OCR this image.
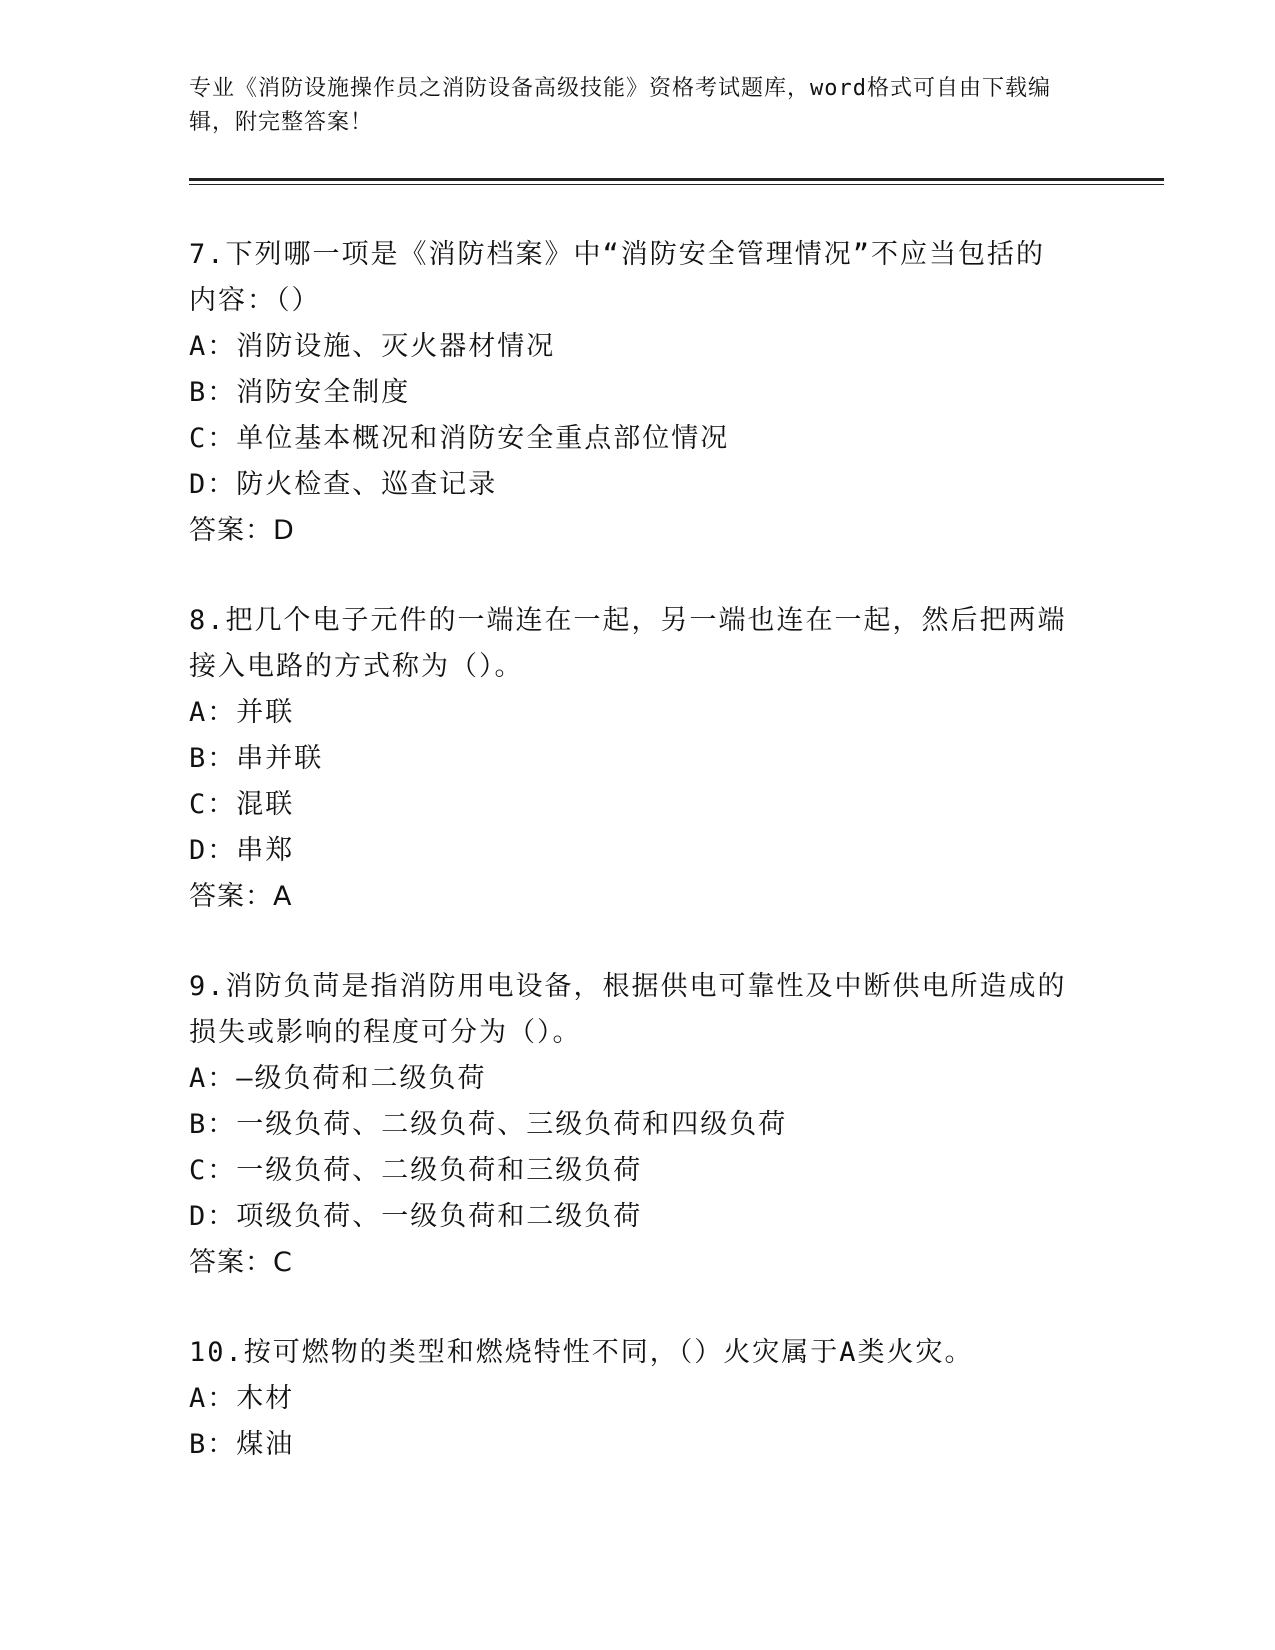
专业《消防设施操作员之消防设备高级技能》资格考试题库，word格式可自由下载编辑，附完整答案！
7.下列哪一项是《消防档案》中“消防安全管理情况”不应当包括的内容：（）
A：消防设施、灭火器材情况
B：消防安全制度
C：单位基本概况和消防安全重点部位情况
D：防火检查、巡查记录
答案：D
8.把几个电子元件的一端连在一起，另一端也连在一起，然后把两端接入电路的方式称为（）。
A：并联
B：串并联
C：混联
D：串郑
答案：A
9.消防负苘是指消防用电设备，根据供电可靠性及中断供电所造成的损失或影响的程度可分为（）。
A：—级负荷和二级负荷
B：一级负荷、二级负荷、三级负荷和四级负荷
C：一级负荷、二级负荷和三级负荷
D：项级负荷、一级负荷和二级负荷
答案：C
10.按可燃物的类型和燃烧特性不同，（）火灾属于A类火灾。
A：木材
B：煤油
